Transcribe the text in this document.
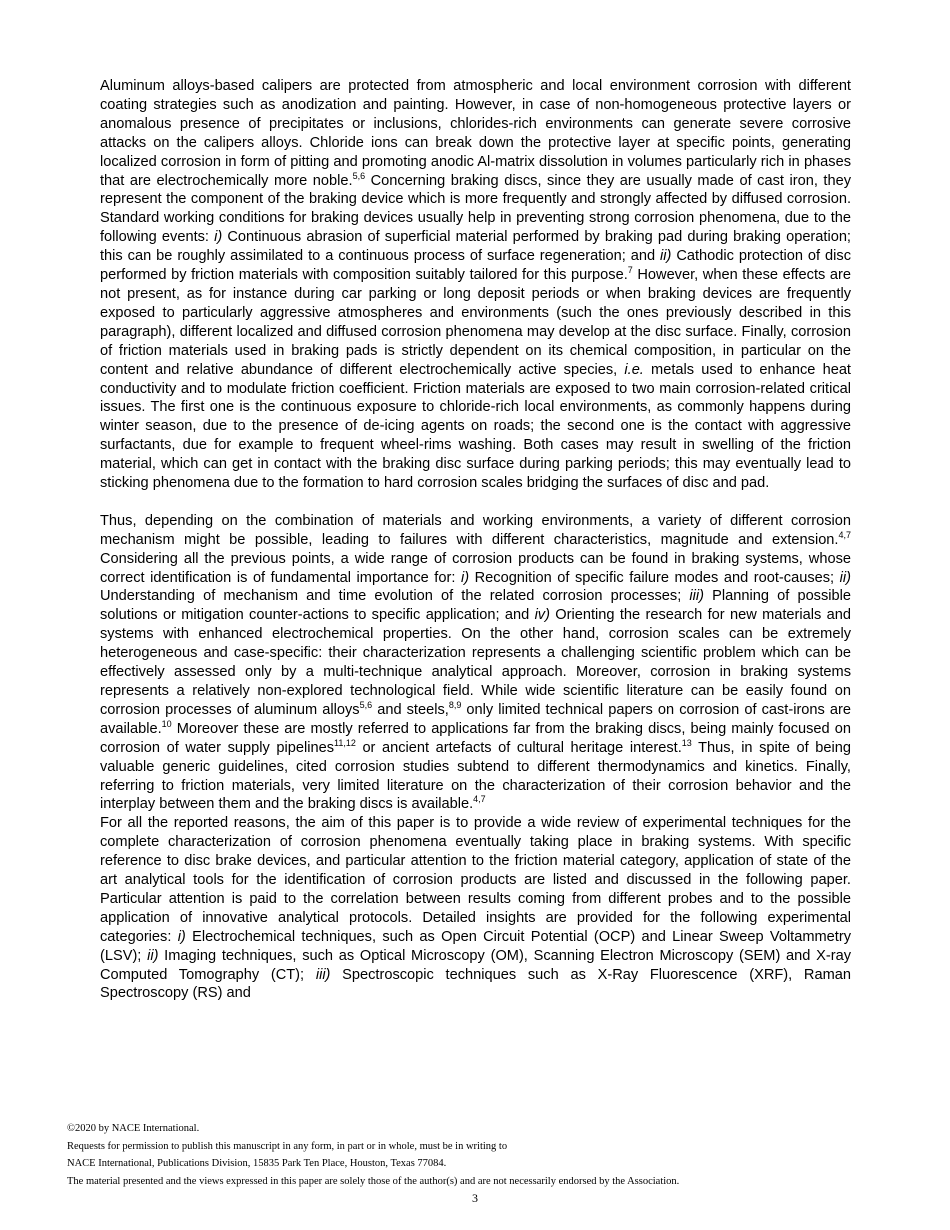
Aluminum alloys-based calipers are protected from atmospheric and local environment corrosion with different coating strategies such as anodization and painting. However, in case of non-homogeneous protective layers or anomalous presence of precipitates or inclusions, chlorides-rich environments can generate severe corrosive attacks on the calipers alloys. Chloride ions can break down the protective layer at specific points, generating localized corrosion in form of pitting and promoting anodic Al-matrix dissolution in volumes particularly rich in phases that are electrochemically more noble.$^{5,6}$ Concerning braking discs, since they are usually made of cast iron, they represent the component of the braking device which is more frequently and strongly affected by diffused corrosion. Standard working conditions for braking devices usually help in preventing strong corrosion phenomena, due to the following events: i) Continuous abrasion of superficial material performed by braking pad during braking operation; this can be roughly assimilated to a continuous process of surface regeneration; and ii) Cathodic protection of disc performed by friction materials with composition suitably tailored for this purpose.$^7$ However, when these effects are not present, as for instance during car parking or long deposit periods or when braking devices are frequently exposed to particularly aggressive atmospheres and environments (such the ones previously described in this paragraph), different localized and diffused corrosion phenomena may develop at the disc surface. Finally, corrosion of friction materials used in braking pads is strictly dependent on its chemical composition, in particular on the content and relative abundance of different electrochemically active species, i.e. metals used to enhance heat conductivity and to modulate friction coefficient. Friction materials are exposed to two main corrosion-related critical issues. The first one is the continuous exposure to chloride-rich local environments, as commonly happens during winter season, due to the presence of de-icing agents on roads; the second one is the contact with aggressive surfactants, due for example to frequent wheel-rims washing. Both cases may result in swelling of the friction material, which can get in contact with the braking disc surface during parking periods; this may eventually lead to sticking phenomena due to the formation to hard corrosion scales bridging the surfaces of disc and pad.

Thus, depending on the combination of materials and working environments, a variety of different corrosion mechanism might be possible, leading to failures with different characteristics, magnitude and extension.$^{4,7}$ Considering all the previous points, a wide range of corrosion products can be found in braking systems, whose correct identification is of fundamental importance for: i) Recognition of specific failure modes and root-causes; ii) Understanding of mechanism and time evolution of the related corrosion processes; iii) Planning of possible solutions or mitigation counter-actions to specific application; and iv) Orienting the research for new materials and systems with enhanced electrochemical properties. On the other hand, corrosion scales can be extremely heterogeneous and case-specific: their characterization represents a challenging scientific problem which can be effectively assessed only by a multi-technique analytical approach. Moreover, corrosion in braking systems represents a relatively non-explored technological field. While wide scientific literature can be easily found on corrosion processes of aluminum alloys$^{5,6}$ and steels,$^{8,9}$ only limited technical papers on corrosion of cast-irons are available.$^{10}$ Moreover these are mostly referred to applications far from the braking discs, being mainly focused on corrosion of water supply pipelines$^{11,12}$ or ancient artefacts of cultural heritage interest.$^{13}$ Thus, in spite of being valuable generic guidelines, cited corrosion studies subtend to different thermodynamics and kinetics. Finally, referring to friction materials, very limited literature on the characterization of their corrosion behavior and the interplay between them and the braking discs is available.$^{4,7}$

For all the reported reasons, the aim of this paper is to provide a wide review of experimental techniques for the complete characterization of corrosion phenomena eventually taking place in braking systems. With specific reference to disc brake devices, and particular attention to the friction material category, application of state of the art analytical tools for the identification of corrosion products are listed and discussed in the following paper. Particular attention is paid to the correlation between results coming from different probes and to the possible application of innovative analytical protocols. Detailed insights are provided for the following experimental categories: i) Electrochemical techniques, such as Open Circuit Potential (OCP) and Linear Sweep Voltammetry (LSV); ii) Imaging techniques, such as Optical Microscopy (OM), Scanning Electron Microscopy (SEM) and X-ray Computed Tomography (CT); iii) Spectroscopic techniques such as X-Ray Fluorescence (XRF), Raman Spectroscopy (RS) and

©2020 by NACE International.

Requests for permission to publish this manuscript in any form, in part or in whole, must be in writing to

NACE International, Publications Division, 15835 Park Ten Place, Houston, Texas 77084.

The material presented and the views expressed in this paper are solely those of the author(s) and are not necessarily endorsed by the Association.

3
